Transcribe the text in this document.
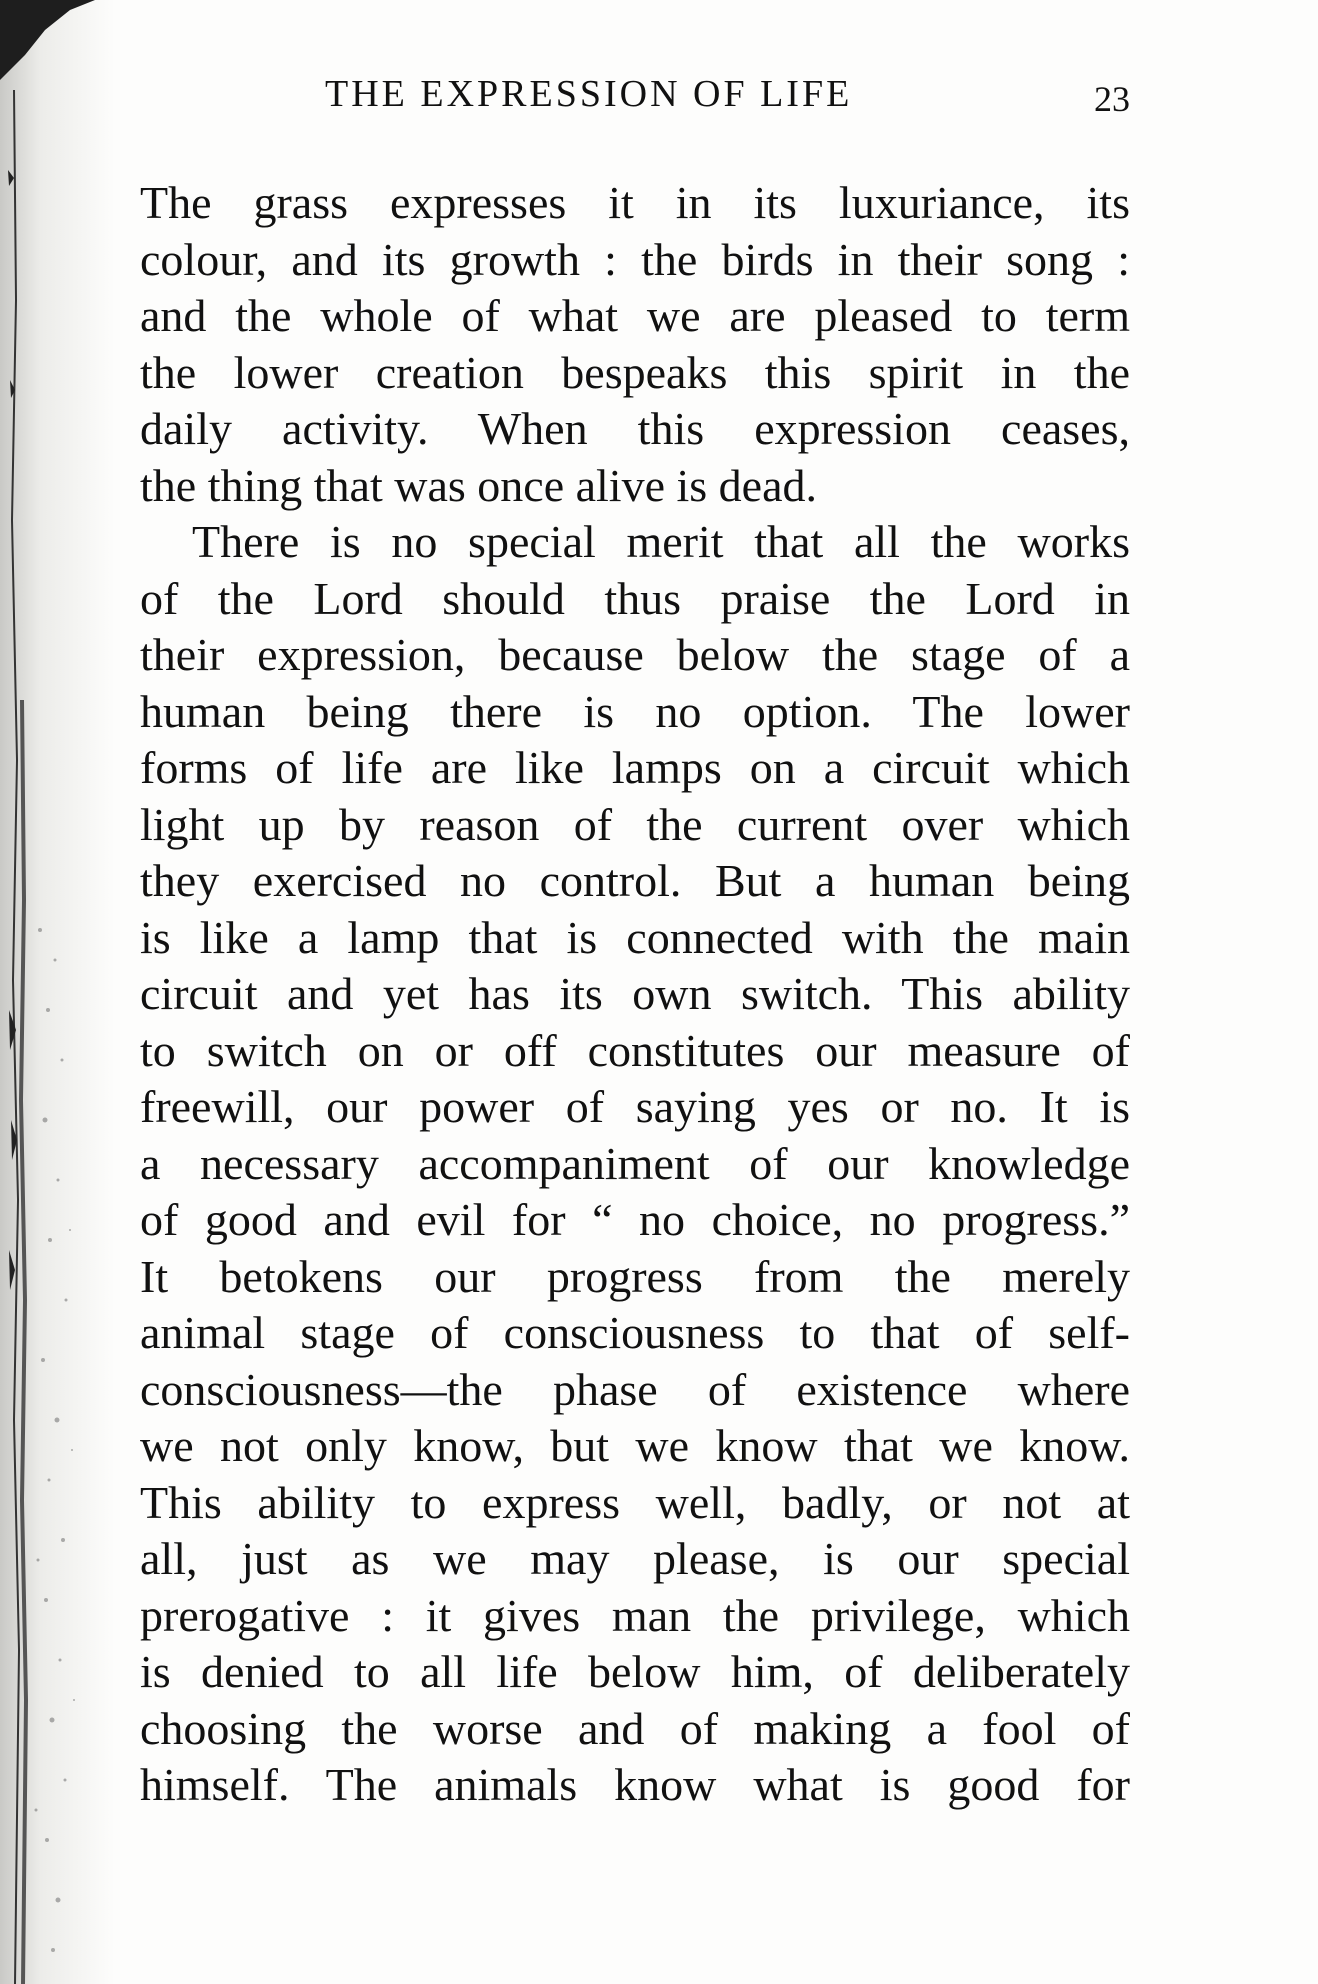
THE EXPRESSION OF LIFE	23
The grass expresses it in its luxuriance, its
colour, and its growth : the birds in their song :
and the whole of what we are pleased to term
the lower creation bespeaks this spirit in the
daily activity. When this expression ceases,
the thing that was once alive is dead.
There is no special merit that all the works
of the Lord should thus praise the Lord in
their expression, because below the stage of a
human being there is no option. The lower
forms of life are like lamps on a circuit which
light up by reason of the current over which
they exercised no control. But a human being
is like a lamp that is connected with the main
circuit and yet has its own switch. This ability
to switch on or off constitutes our measure of
freewill, our power of saying yes or no. It is
a necessary accompaniment of our knowledge
of good and evil for “ no choice, no progress.”
It betokens our progress from the merely
animal stage of consciousness to that of self-
consciousness—the phase of existence where
we not only know, but we know that we know.
This ability to express well, badly, or not at
all, just as we may please, is our special
prerogative : it gives man the privilege, which
is denied to all life below him, of deliberately
choosing the worse and of making a fool of
himself. The animals know what is good for
